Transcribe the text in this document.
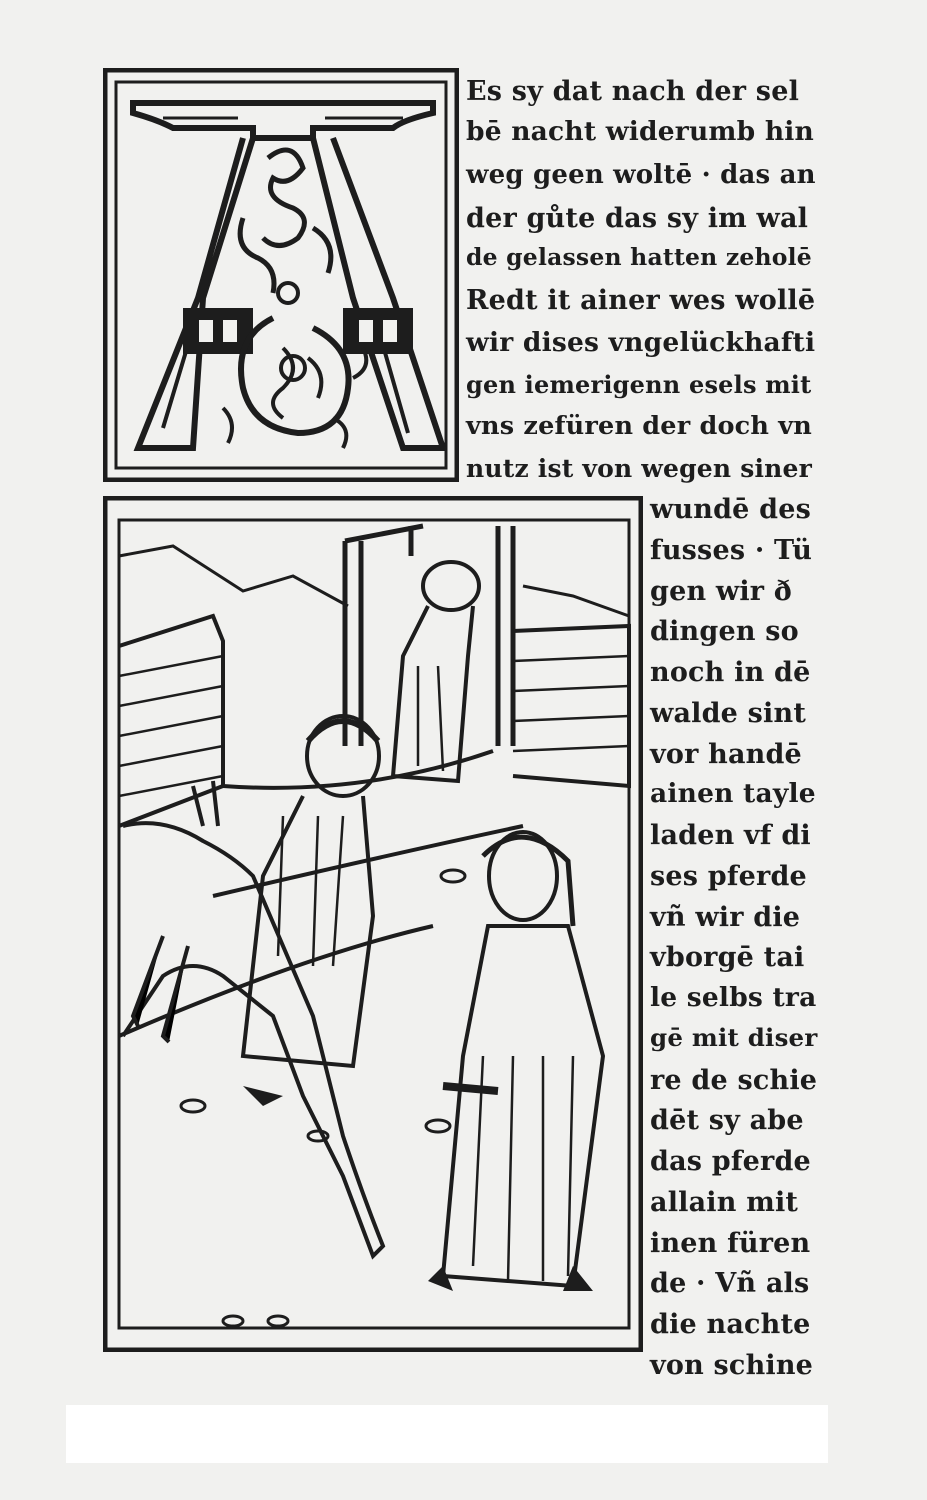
Es sy dat nach der sel

bē nacht widerumb hin

weg geen woltē · das an

der gůte das sy im wal

de gelassen hatten zeholē

Redt it ainer wes wollē

wir dises vngelückhafti

gen iemerigenn esels mit

vns zefüren der doch vn

nutz ist von wegen siner

wundē des

fusses · Tü

gen wir ð

dingen so

noch in dē

walde sint

vor handē

ainen tayle

laden vf di

ses pferde

vñ wir die

vborgē tai

le selbs tra

gē mit diser

re de schie

dēt sy abe

das pferde

allain mit

inen füren

de · Vñ als

die nachte

von schine
